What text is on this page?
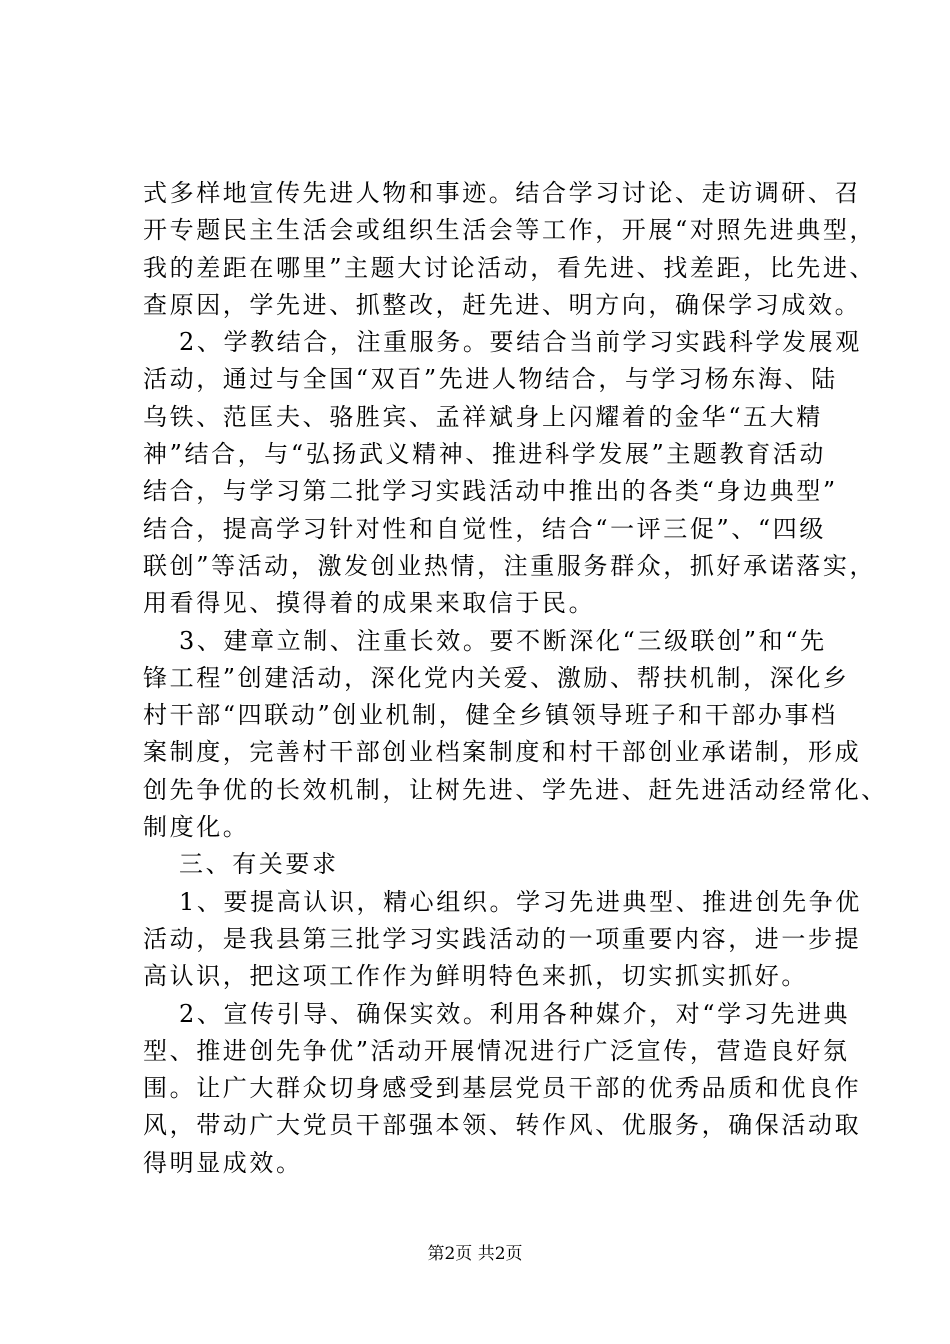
式多样地宣传先进人物和事迹。结合学习讨论、走访调研、召
开专题民主生活会或组织生活会等工作，开展“对照先进典型，
我的差距在哪里”主题大讨论活动，看先进、找差距，比先进、
查原因，学先进、抓整改，赶先进、明方向，确保学习成效。
2、学教结合，注重服务。要结合当前学习实践科学发展观
活动，通过与全国“双百”先进人物结合，与学习杨东海、陆
乌铁、范匡夫、骆胜宾、孟祥斌身上闪耀着的金华“五大精
神”结合，与“弘扬武义精神、推进科学发展”主题教育活动
结合，与学习第二批学习实践活动中推出的各类“身边典型”
结合，提高学习针对性和自觉性，结合“一评三促”、“四级
联创”等活动，激发创业热情，注重服务群众，抓好承诺落实，
用看得见、摸得着的成果来取信于民。
3、建章立制、注重长效。要不断深化“三级联创”和“先
锋工程”创建活动，深化党内关爱、激励、帮扶机制，深化乡
村干部“四联动”创业机制，健全乡镇领导班子和干部办事档
案制度，完善村干部创业档案制度和村干部创业承诺制，形成
创先争优的长效机制，让树先进、学先进、赶先进活动经常化、
制度化。
三、有关要求
1、要提高认识，精心组织。学习先进典型、推进创先争优
活动，是我县第三批学习实践活动的一项重要内容，进一步提
高认识，把这项工作作为鲜明特色来抓，切实抓实抓好。
2、宣传引导、确保实效。利用各种媒介，对“学习先进典
型、推进创先争优”活动开展情况进行广泛宣传，营造良好氛
围。让广大群众切身感受到基层党员干部的优秀品质和优良作
风，带动广大党员干部强本领、转作风、优服务，确保活动取
得明显成效。
第2页 共2页
